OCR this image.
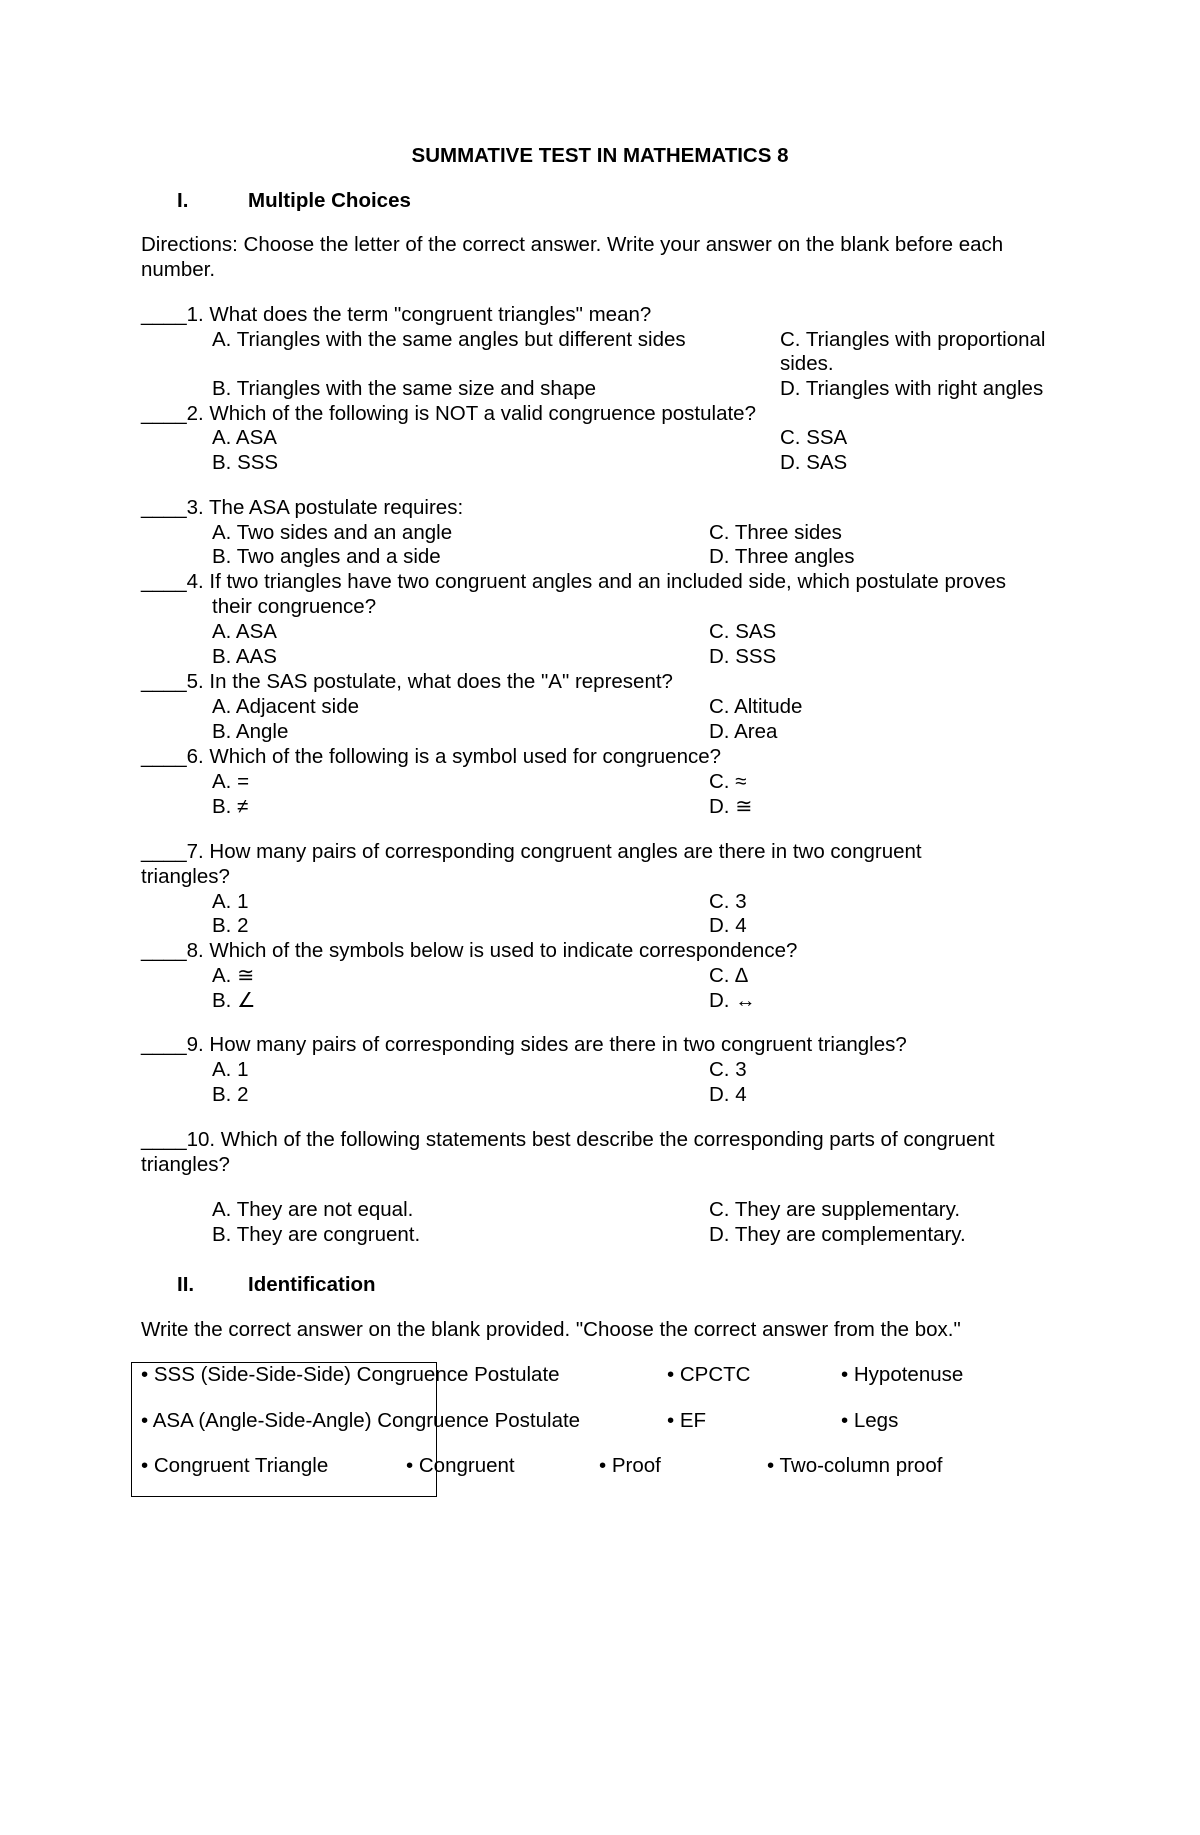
SUMMATIVE TEST IN MATHEMATICS 8
I.	Multiple Choices
Directions: Choose the letter of the correct answer. Write your answer on the blank before each
number.
____1. What does the term "congruent triangles" mean?
A. Triangles with the same angles but different sides	C. Triangles with proportional
sides.
B. Triangles with the same size and shape	D. Triangles with right angles
____2. Which of the following is NOT a valid congruence postulate?
A. ASA	C. SSA
B. SSS	D. SAS
____3. The ASA postulate requires:
A. Two sides and an angle	C. Three sides
B. Two angles and a side	D. Three angles
____4. If two triangles have two congruent angles and an included side, which postulate proves
their congruence?
A. ASA	C. SAS
B. AAS	D. SSS
____5. In the SAS postulate, what does the "A" represent?
A. Adjacent side	C. Altitude
B. Angle	D. Area
____6. Which of the following is a symbol used for congruence?
A. =	C. ≈
B. ≠	D. ≅
____7. How many pairs of corresponding congruent angles are there in two congruent
triangles?
A. 1	C. 3
B. 2	D. 4
____8. Which of the symbols below is used to indicate correspondence?
A. ≅	C. ∆
B. ∠	D. ↔
____9. How many pairs of corresponding sides are there in two congruent triangles?
A. 1	C. 3
B. 2	D. 4
____10. Which of the following statements best describe the corresponding parts of congruent
triangles?
A. They are not equal.	C. They are supplementary.
B. They are congruent.	D. They are complementary.
II.	Identification
Write the correct answer on the blank provided. "Choose the correct answer from the box."
• SSS (Side-Side-Side) Congruence Postulate	• CPCTC	• Hypotenuse
• ASA (Angle-Side-Angle) Congruence Postulate	• EF	• Legs
• Congruent Triangle	• Congruent	• Proof	• Two-column proof
